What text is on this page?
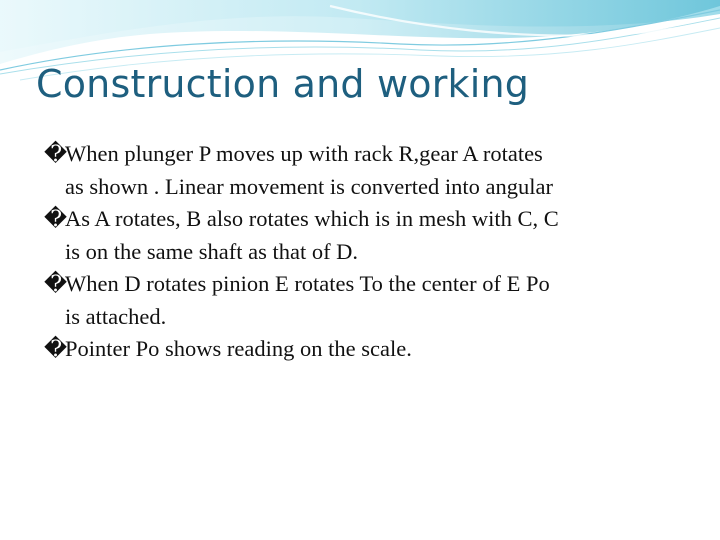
Construction and working
�
When plunger P moves up with rack R,gear A rotates
as shown . Linear movement is converted into angular
�
As A rotates, B also rotates which is in mesh with C, C
is on the same shaft as that of D.
�
When D rotates pinion E rotates To the center of E Po
is attached.
�
Pointer Po shows reading on the scale.
